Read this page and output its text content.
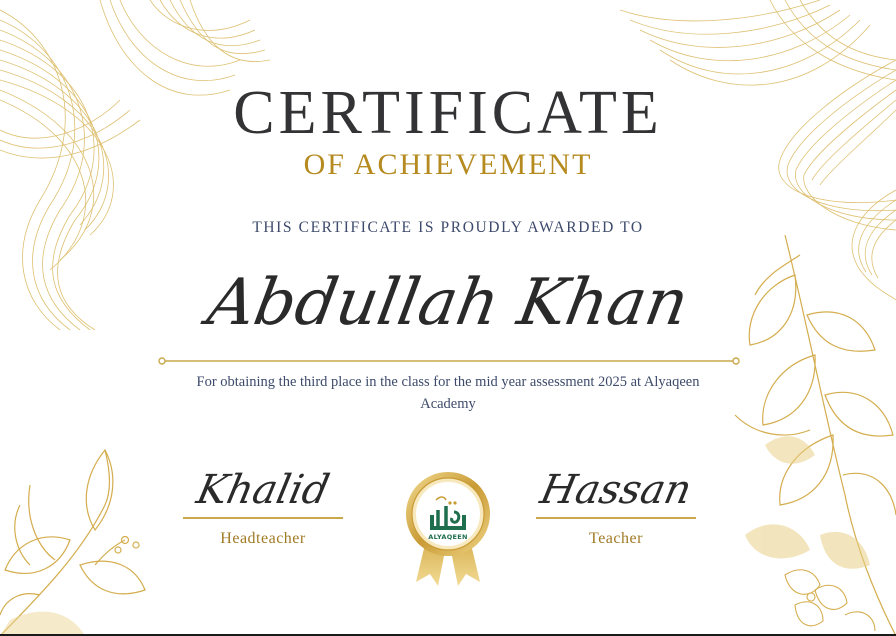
CERTIFICATE
OF ACHIEVEMENT
THIS CERTIFICATE IS PROUDLY AWARDED TO
Abdullah Khan
For obtaining the third place in the class for the mid year assessment 2025 at Alyaqeen Academy
Khalid
Headteacher
Hassan
Teacher
ALYAQEEN
